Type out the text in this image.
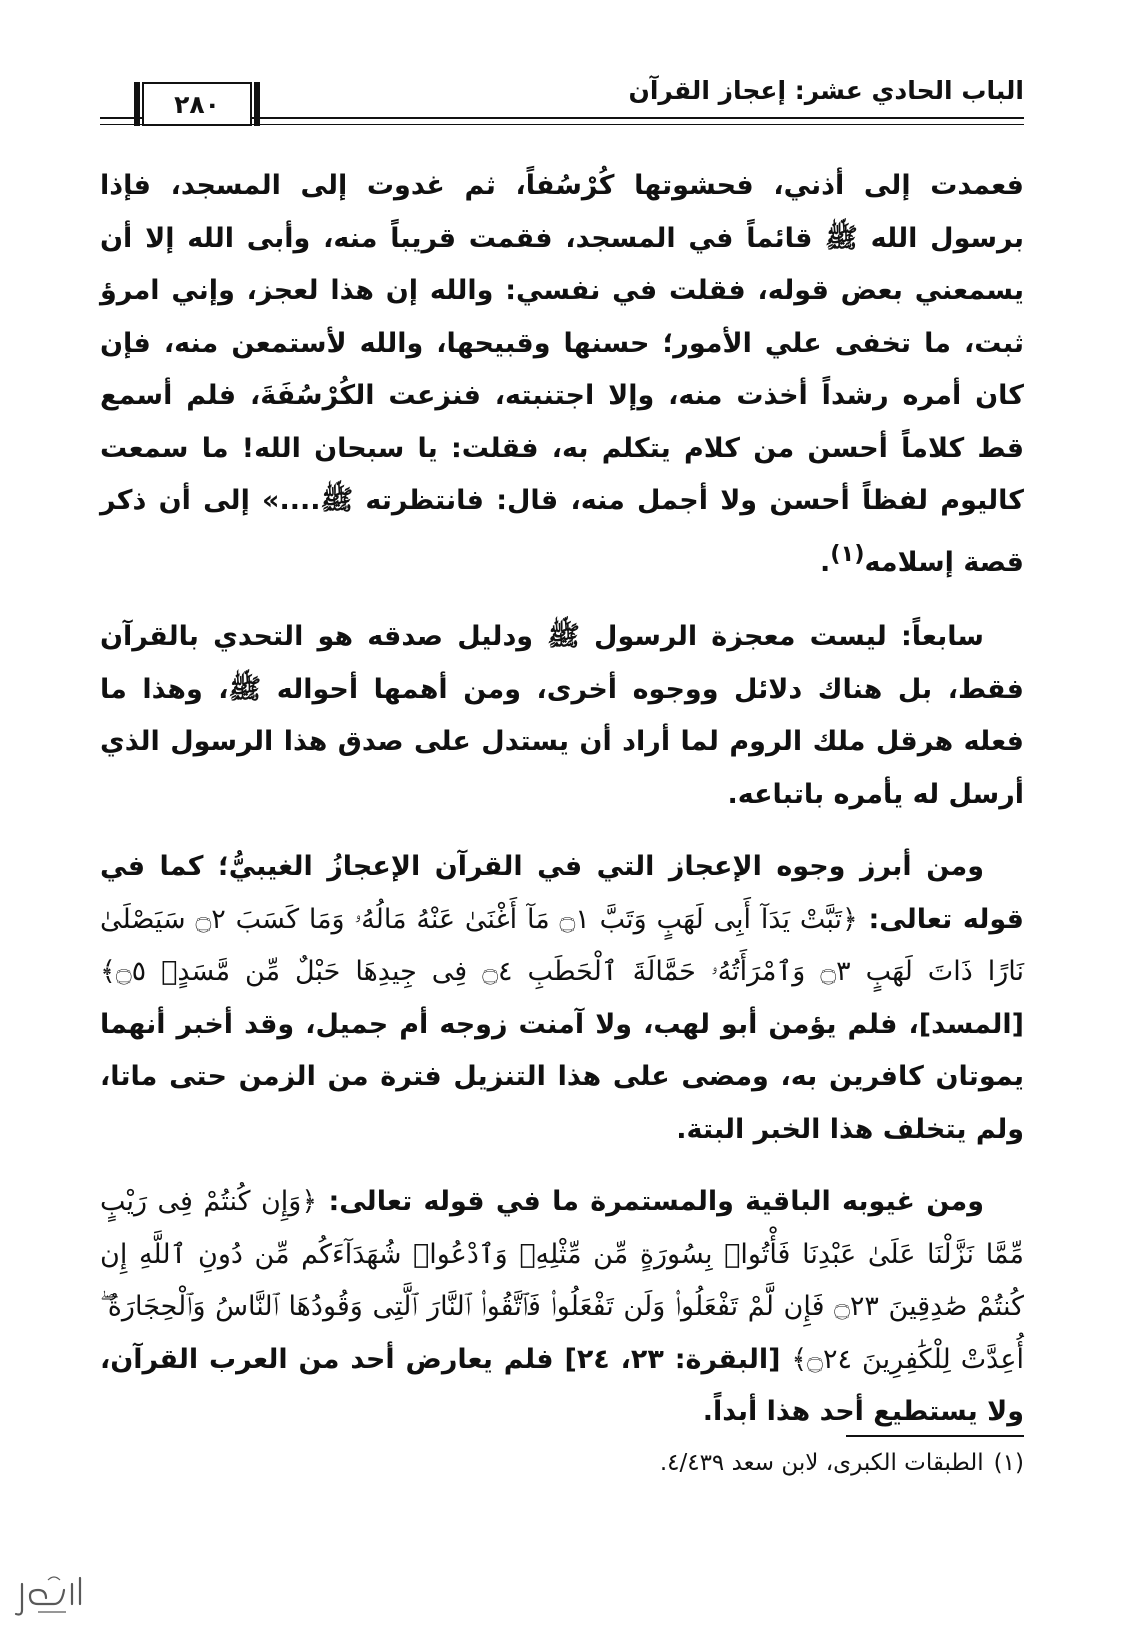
٢٨٠	الباب الحادي عشر: إعجاز القرآن

فعمدت إلى أذني، فحشوتها كُرْسُفاً، ثم غدوت إلى المسجد، فإذا برسول الله ﷺ قائماً في المسجد، فقمت قريباً منه، وأبى الله إلا أن يسمعني بعض قوله، فقلت في نفسي: والله إن هذا لعجز، وإني امرؤ ثبت، ما تخفى علي الأمور؛ حسنها وقبيحها، والله لأستمعن منه، فإن كان أمره رشداً أخذت منه، وإلا اجتنبته، فنزعت الكُرْسُفَةَ، فلم أسمع قط كلاماً أحسن من كلام يتكلم به، فقلت: يا سبحان الله! ما سمعت كاليوم لفظاً أحسن ولا أجمل منه، قال: فانتظرته ﷺ....» إلى أن ذكر قصة إسلامه$^{(١)}$.

سابعاً: ليست معجزة الرسول ﷺ ودليل صدقه هو التحدي بالقرآن فقط، بل هناك دلائل ووجوه أخرى، ومن أهمها أحواله ﷺ، وهذا ما فعله هرقل ملك الروم لما أراد أن يستدل على صدق هذا الرسول الذي أرسل له يأمره باتباعه.

ومن أبرز وجوه الإعجاز التي في القرآن الإعجازُ الغيبيُّ؛ كما في قوله تعالى: ﴿تَبَّتْ يَدَآ أَبِى لَهَبٍ وَتَبَّ ۝١ مَآ أَغْنَىٰ عَنْهُ مَالُهُۥ وَمَا كَسَبَ ۝٢ سَيَصْلَىٰ نَارًا ذَاتَ لَهَبٍ ۝٣ وَٱمْرَأَتُهُۥ حَمَّالَةَ ٱلْحَطَبِ ۝٤ فِى جِيدِهَا حَبْلٌ مِّن مَّسَدٍۭ ۝٥﴾ [المسد]، فلم يؤمن أبو لهب، ولا آمنت زوجه أم جميل، وقد أخبر أنهما يموتان كافرين به، ومضى على هذا التنزيل فترة من الزمن حتى ماتا، ولم يتخلف هذا الخبر البتة.

ومن غيوبه الباقية والمستمرة ما في قوله تعالى: ﴿وَإِن كُنتُمْ فِى رَيْبٍ مِّمَّا نَزَّلْنَا عَلَىٰ عَبْدِنَا فَأْتُوا۟ بِسُورَةٍ مِّن مِّثْلِهِۦ وَٱدْعُوا۟ شُهَدَآءَكُم مِّن دُونِ ٱللَّهِ إِن كُنتُمْ صَٰدِقِينَ ۝٢٣ فَإِن لَّمْ تَفْعَلُوا۟ وَلَن تَفْعَلُوا۟ فَٱتَّقُوا۟ ٱلنَّارَ ٱلَّتِى وَقُودُهَا ٱلنَّاسُ وَٱلْحِجَارَةُ ۖ أُعِدَّتْ لِلْكَٰفِرِينَ ۝٢٤﴾ [البقرة: ٢٣، ٢٤] فلم يعارض أحد من العرب القرآن، ولا يستطيع أحد هذا أبداً.

(١)الطبقات الكبرى، لابن سعد ٤/٤٣٩.
